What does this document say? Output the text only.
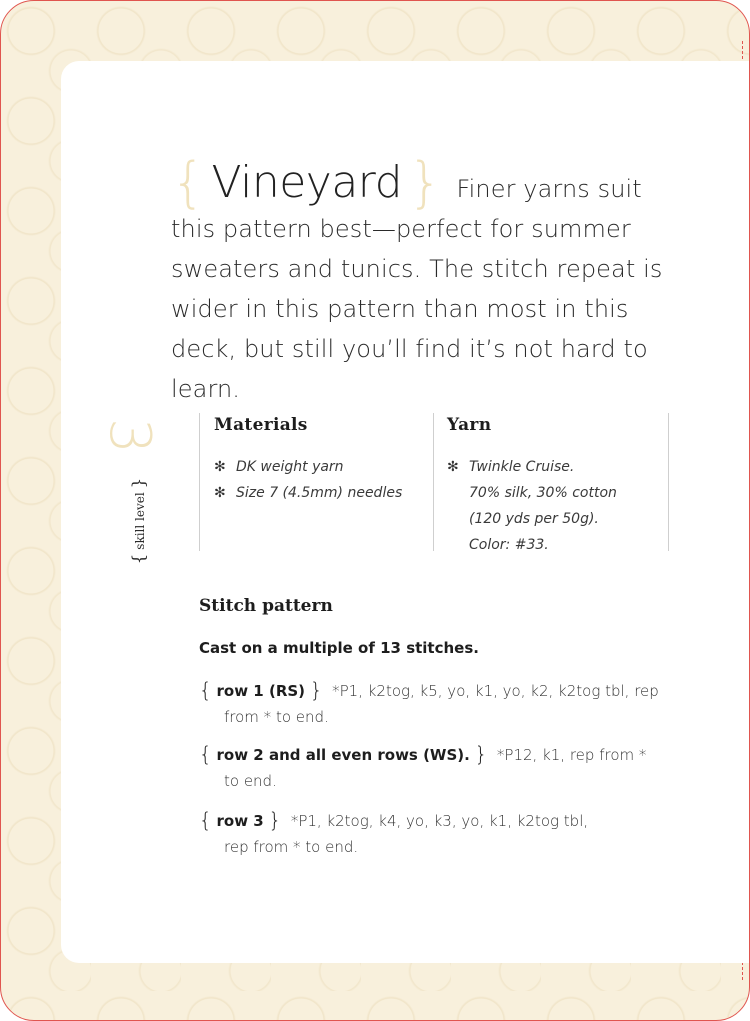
{ Vineyard } Finer yarns suit this pattern best—perfect for summer sweaters and tunics. The stitch repeat is wider in this pattern than most in this deck, but still you’ll find it’s not hard to learn.
3
{ skill level }
Materials
✻ DK weight yarn
✻ Size 7 (4.5mm) needles
Yarn
✻ Twinkle Cruise.
70% silk, 30% cotton
(120 yds per 50g).
Color: #33.
Stitch pattern
Cast on a multiple of 13 stitches.
{ row 1 (RS) } *P1, k2tog, k5, yo, k1, yo, k2, k2tog tbl, rep
from * to end.
{ row 2 and all even rows (WS). } *P12, k1, rep from *
to end.
{ row 3 } *P1, k2tog, k4, yo, k3, yo, k1, k2tog tbl,
rep from * to end.
